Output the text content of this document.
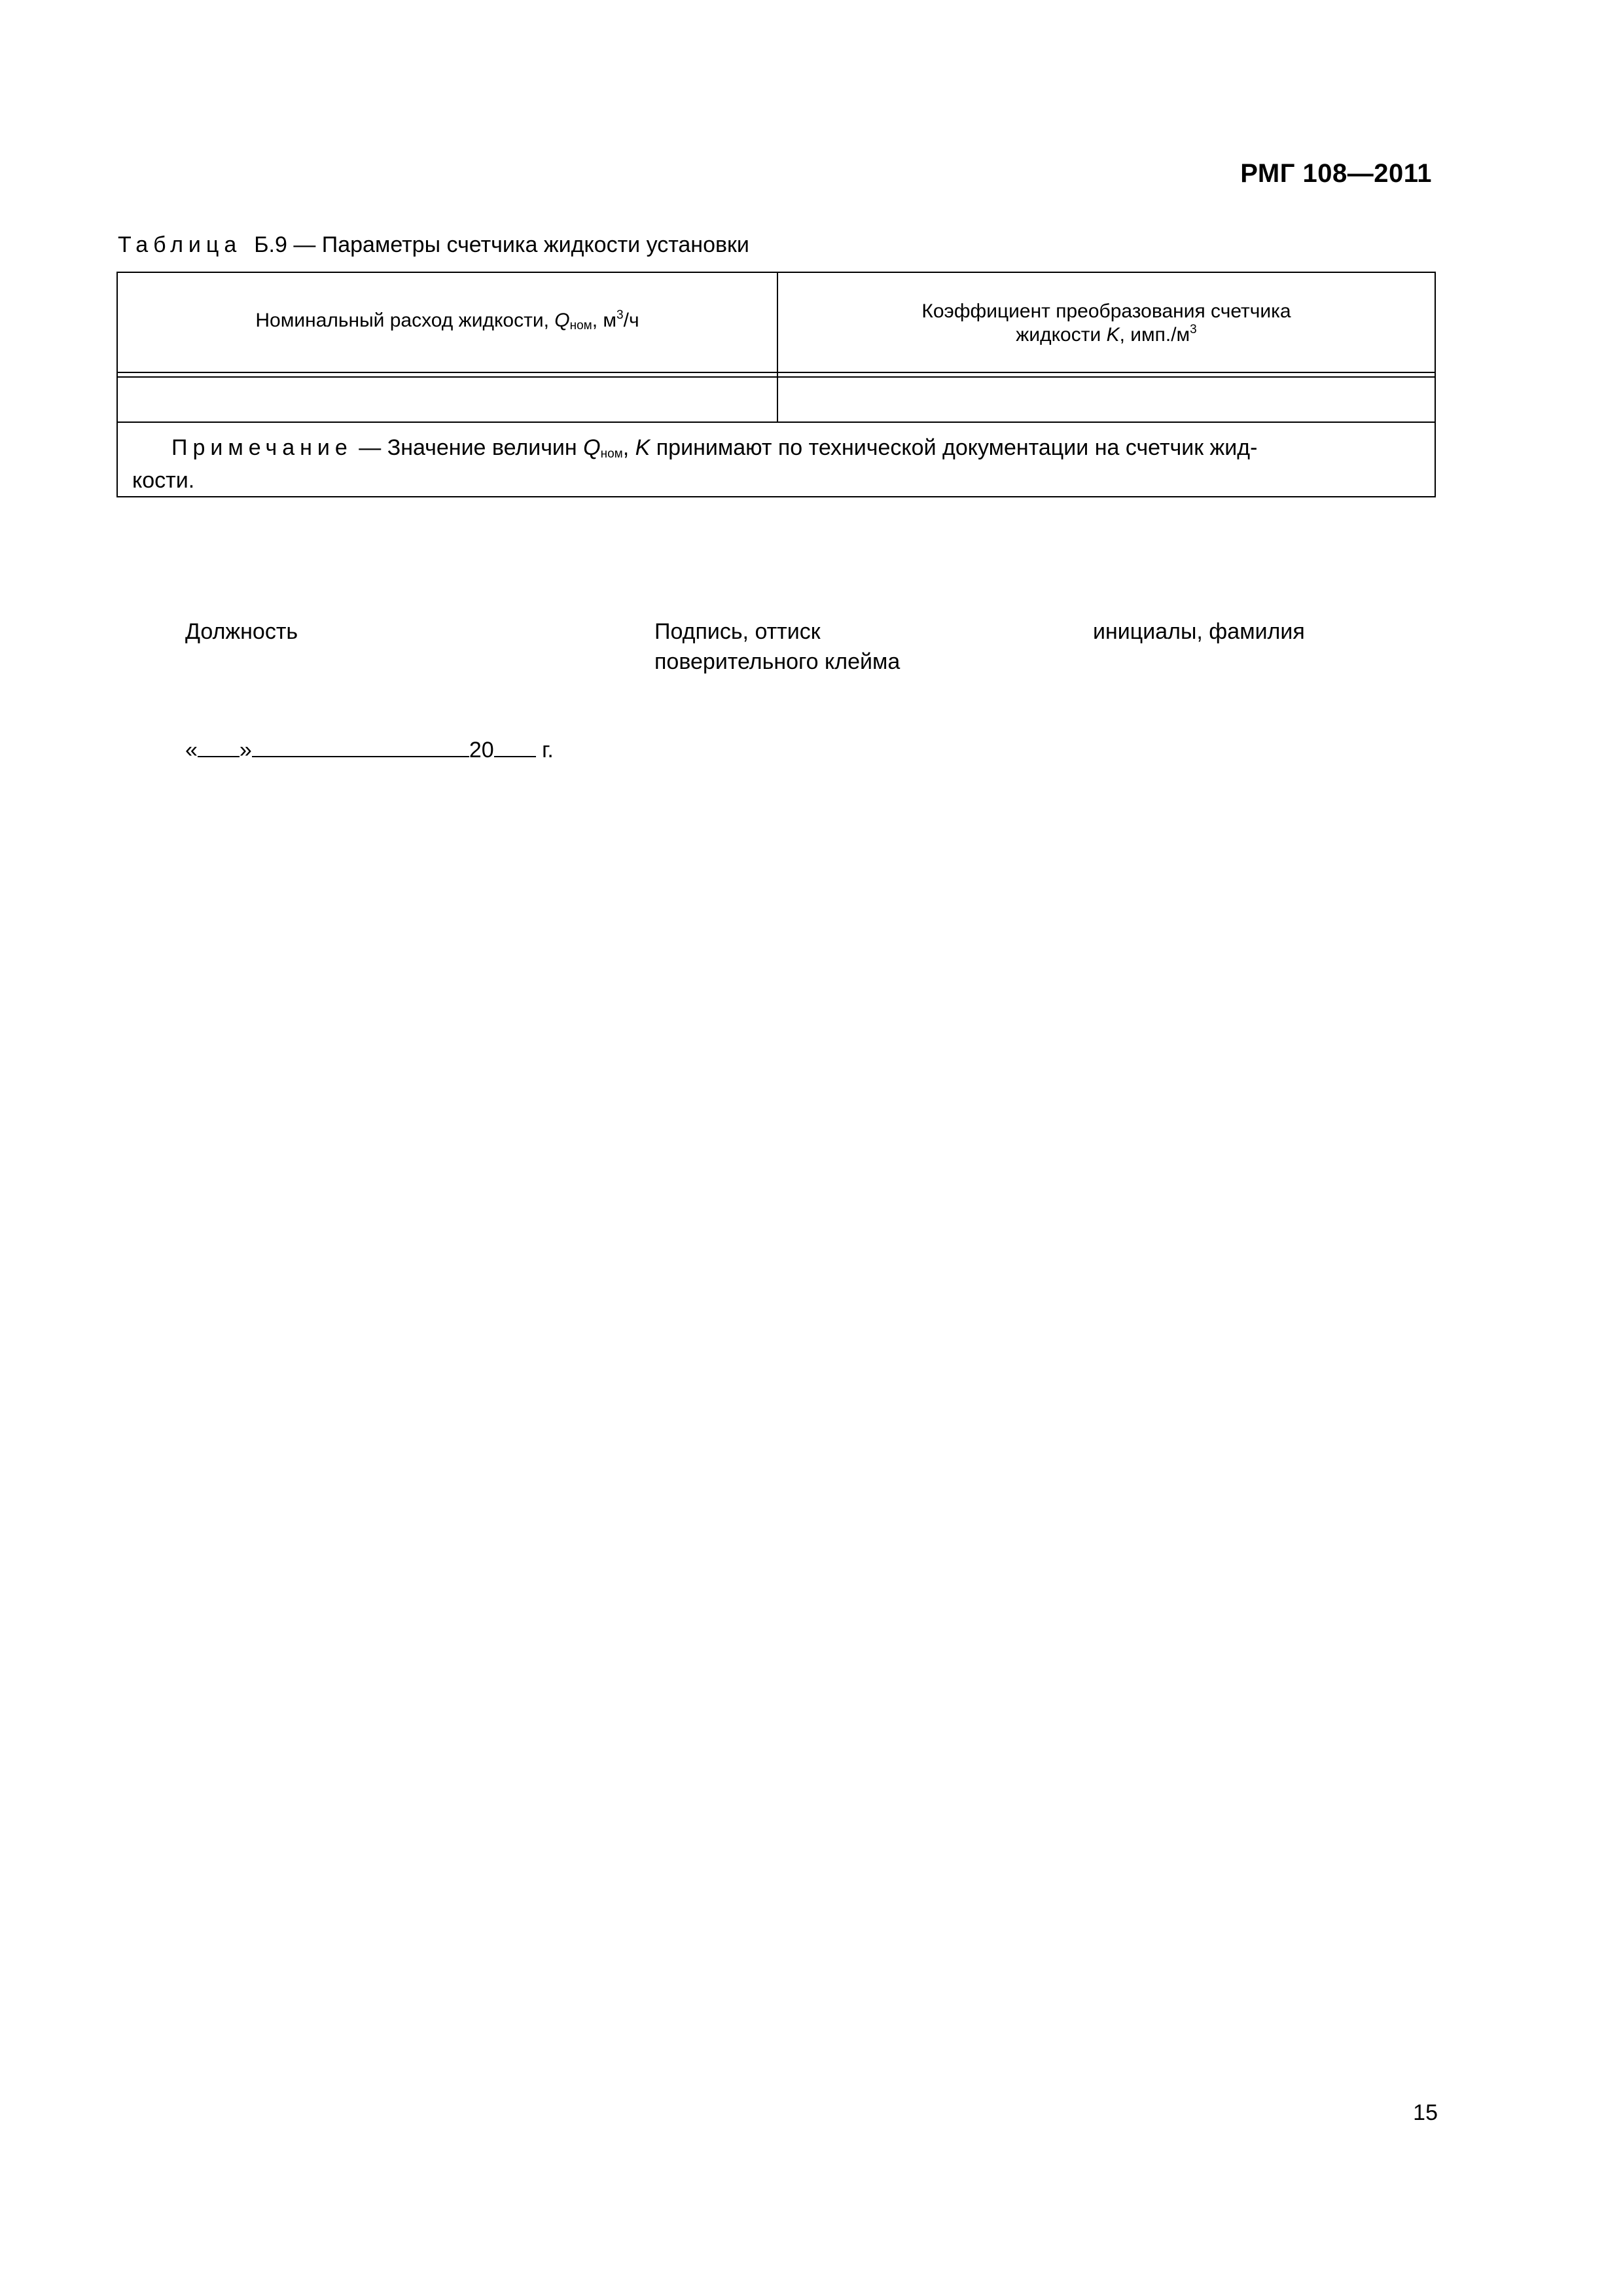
РМГ 108—2011
Таблица Б.9 — Параметры счетчика жидкости установки
Номинальный расход жидкости, $Q_{ном}$, $м^3/ч$	Коэффициент преобразования счетчика
жидкости K, $имп./м^3$
Примечание — Значение величин $Q_{ном}$, K принимают по технической документации на счетчик жид-
кости.
Должность	Подпись, оттиск
поверительного клейма
инициалы, фамилия
« »	20 г.
15
